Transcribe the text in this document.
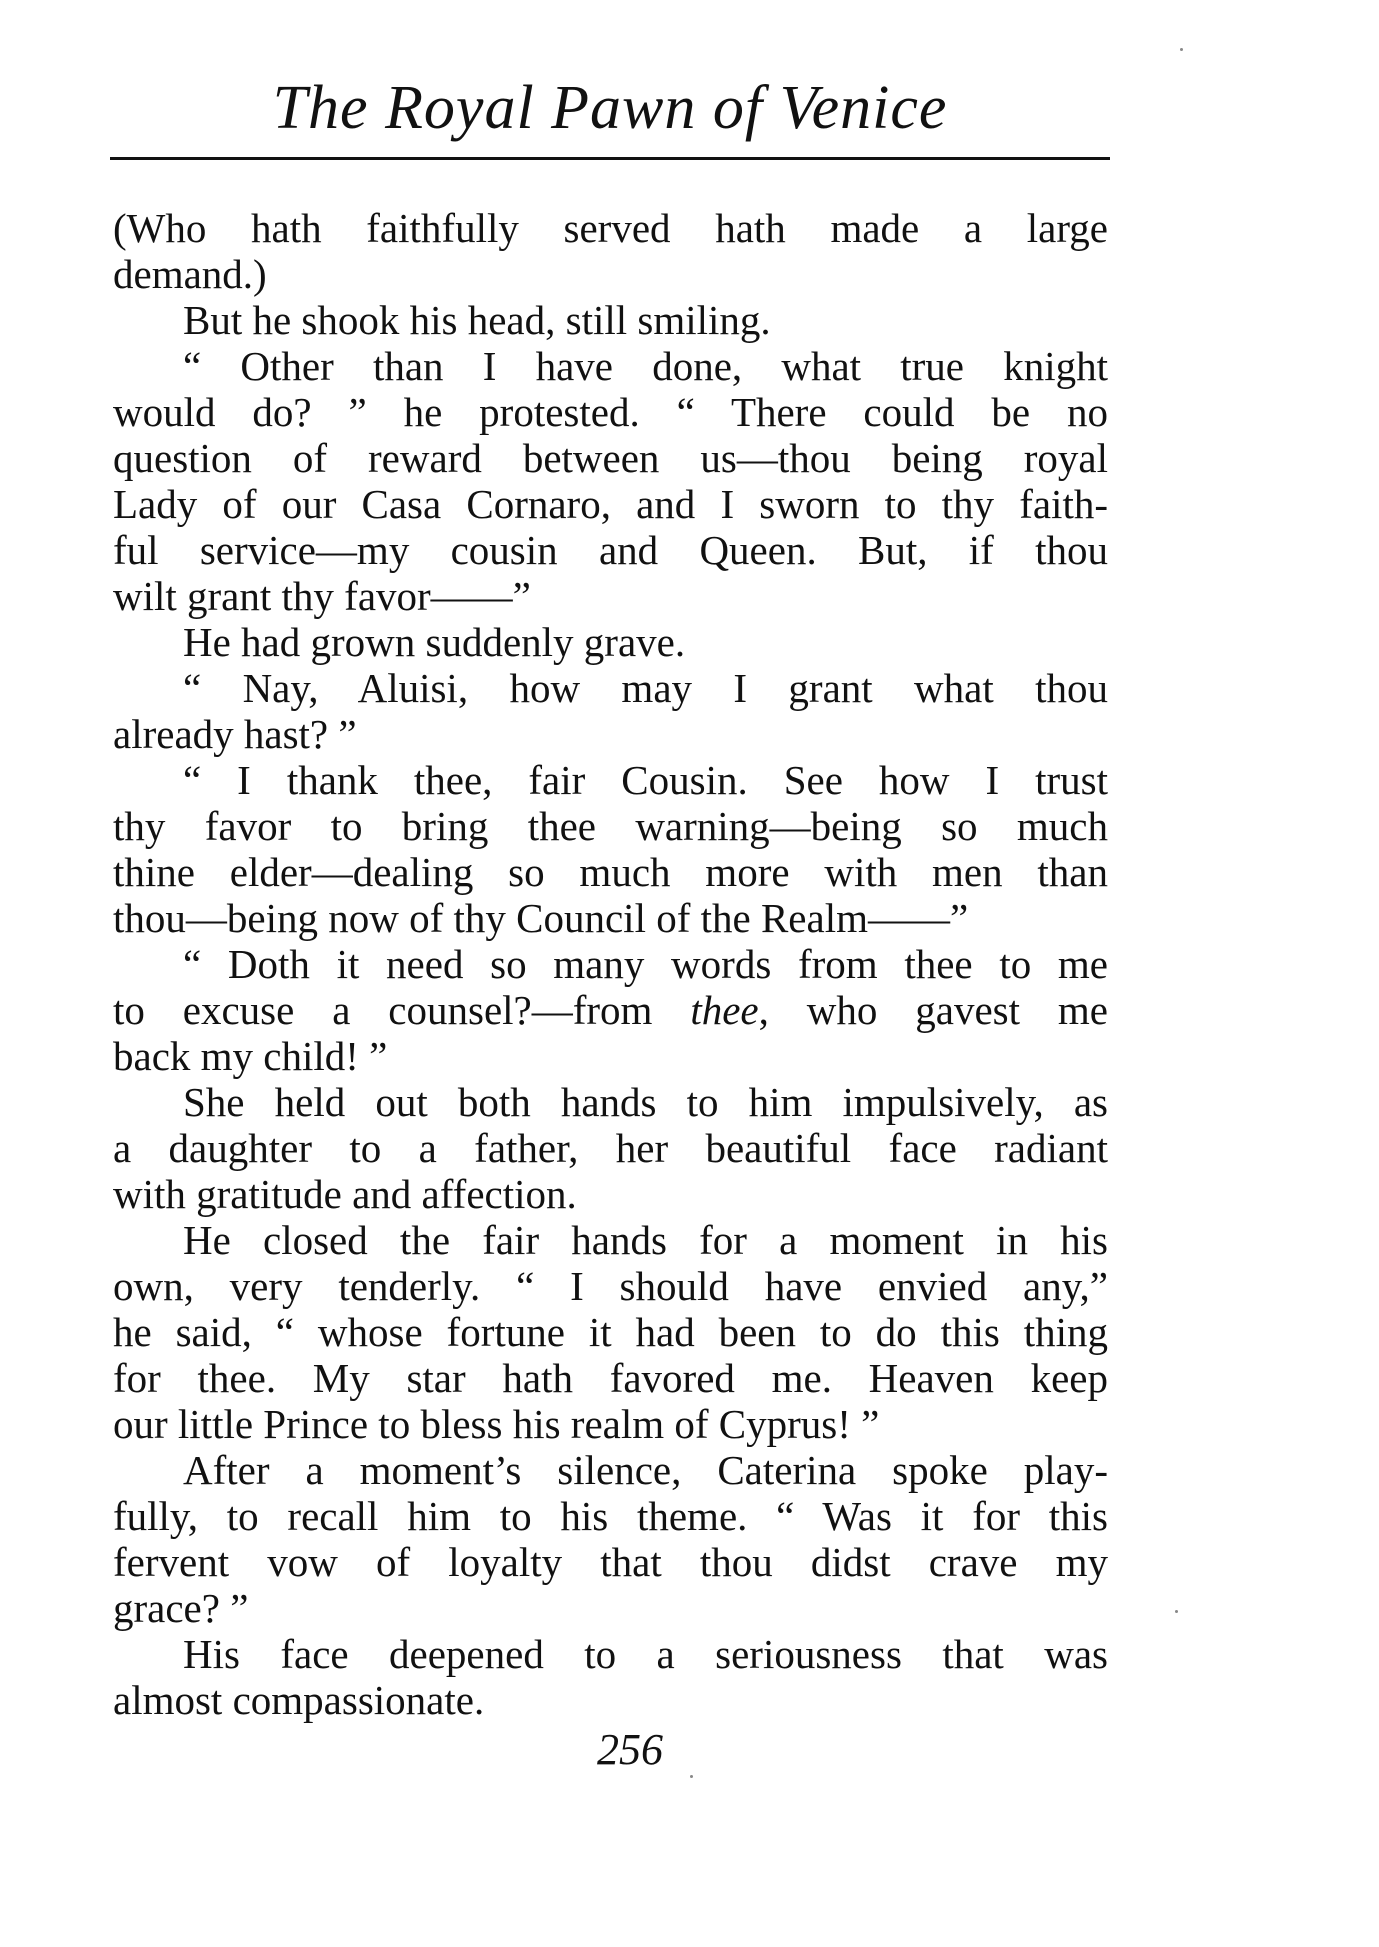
The Royal Pawn of Venice
(Who hath faithfully served hath made a large
demand.)
But he shook his head, still smiling.
“ Other than I have done, what true knight
would do? ” he protested. “ There could be no
question of reward between us—thou being royal
Lady of our Casa Cornaro, and I sworn to thy faith-
ful service—my cousin and Queen. But, if thou
wilt grant thy favor——”
He had grown suddenly grave.
“ Nay, Aluisi, how may I grant what thou
already hast? ”
“ I thank thee, fair Cousin. See how I trust
thy favor to bring thee warning—being so much
thine elder—dealing so much more with men than
thou—being now of thy Council of the Realm——”
“ Doth it need so many words from thee to me
to excuse a counsel?—from thee, who gavest me
back my child! ”
She held out both hands to him impulsively, as
a daughter to a father, her beautiful face radiant
with gratitude and affection.
He closed the fair hands for a moment in his
own, very tenderly. “ I should have envied any,”
he said, “ whose fortune it had been to do this thing
for thee. My star hath favored me. Heaven keep
our little Prince to bless his realm of Cyprus! ”
After a moment’s silence, Caterina spoke play-
fully, to recall him to his theme. “ Was it for this
fervent vow of loyalty that thou didst crave my
grace? ”
His face deepened to a seriousness that was
almost compassionate.
256
